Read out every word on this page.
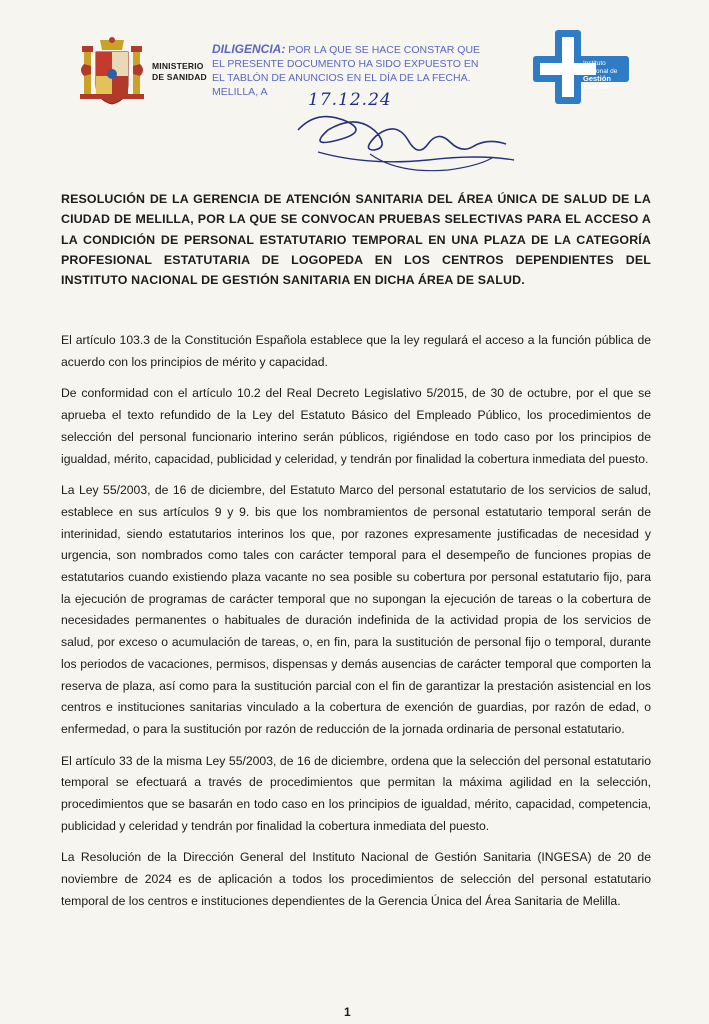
MINISTERIO
DE SANIDAD
DILIGENCIA: POR LA QUE SE HACE CONSTAR QUE
EL PRESENTE DOCUMENTO HA SIDO EXPUESTO EN
EL TABLÓN DE ANUNCIOS EN EL DÍA DE LA FECHA.
MELILLA, A	17.12.24
Instituto Nacional de
Gestión Sanitaria
RESOLUCIÓN DE LA GERENCIA DE ATENCIÓN SANITARIA DEL ÁREA ÚNICA DE SALUD DE LA CIUDAD DE MELILLA, POR LA QUE SE CONVOCAN PRUEBAS SELECTIVAS PARA EL ACCESO A LA CONDICIÓN DE PERSONAL ESTATUTARIO TEMPORAL EN UNA PLAZA DE LA CATEGORÍA PROFESIONAL ESTATUTARIA DE LOGOPEDA EN LOS CENTROS DEPENDIENTES DEL INSTITUTO NACIONAL DE GESTIÓN SANITARIA EN DICHA ÁREA DE SALUD.

El artículo 103.3 de la Constitución Española establece que la ley regulará el acceso a la función pública de acuerdo con los principios de mérito y capacidad.

De conformidad con el artículo 10.2 del Real Decreto Legislativo 5/2015, de 30 de octubre, por el que se aprueba el texto refundido de la Ley del Estatuto Básico del Empleado Público, los procedimientos de selección del personal funcionario interino serán públicos, rigiéndose en todo caso por los principios de igualdad, mérito, capacidad, publicidad y celeridad, y tendrán por finalidad la cobertura inmediata del puesto.

La Ley 55/2003, de 16 de diciembre, del Estatuto Marco del personal estatutario de los servicios de salud, establece en sus artículos 9 y 9. bis que los nombramientos de personal estatutario temporal serán de interinidad, siendo estatutarios interinos los que, por razones expresamente justificadas de necesidad y urgencia, son nombrados como tales con carácter temporal para el desempeño de funciones propias de estatutarios cuando existiendo plaza vacante no sea posible su cobertura por personal estatutario fijo, para la ejecución de programas de carácter temporal que no supongan la ejecución de tareas o la cobertura de necesidades permanentes o habituales de duración indefinida de la actividad propia de los servicios de salud, por exceso o acumulación de tareas, o, en fin, para la sustitución de personal fijo o temporal, durante los periodos de vacaciones, permisos, dispensas y demás ausencias de carácter temporal que comporten la reserva de plaza, así como para la sustitución parcial con el fin de garantizar la prestación asistencial en los centros e instituciones sanitarias vinculado a la cobertura de exención de guardias, por razón de edad, o enfermedad, o para la sustitución por razón de reducción de la jornada ordinaria de personal estatutario.

El artículo 33 de la misma Ley 55/2003, de 16 de diciembre, ordena que la selección del personal estatutario temporal se efectuará a través de procedimientos que permitan la máxima agilidad en la selección, procedimientos que se basarán en todo caso en los principios de igualdad, mérito, capacidad, competencia, publicidad y celeridad y tendrán por finalidad la cobertura inmediata del puesto.

La Resolución de la Dirección General del Instituto Nacional de Gestión Sanitaria (INGESA) de 20 de noviembre de 2024 es de aplicación a todos los procedimientos de selección del personal estatutario temporal de los centros e instituciones dependientes de la Gerencia Única del Área Sanitaria de Melilla.

1
